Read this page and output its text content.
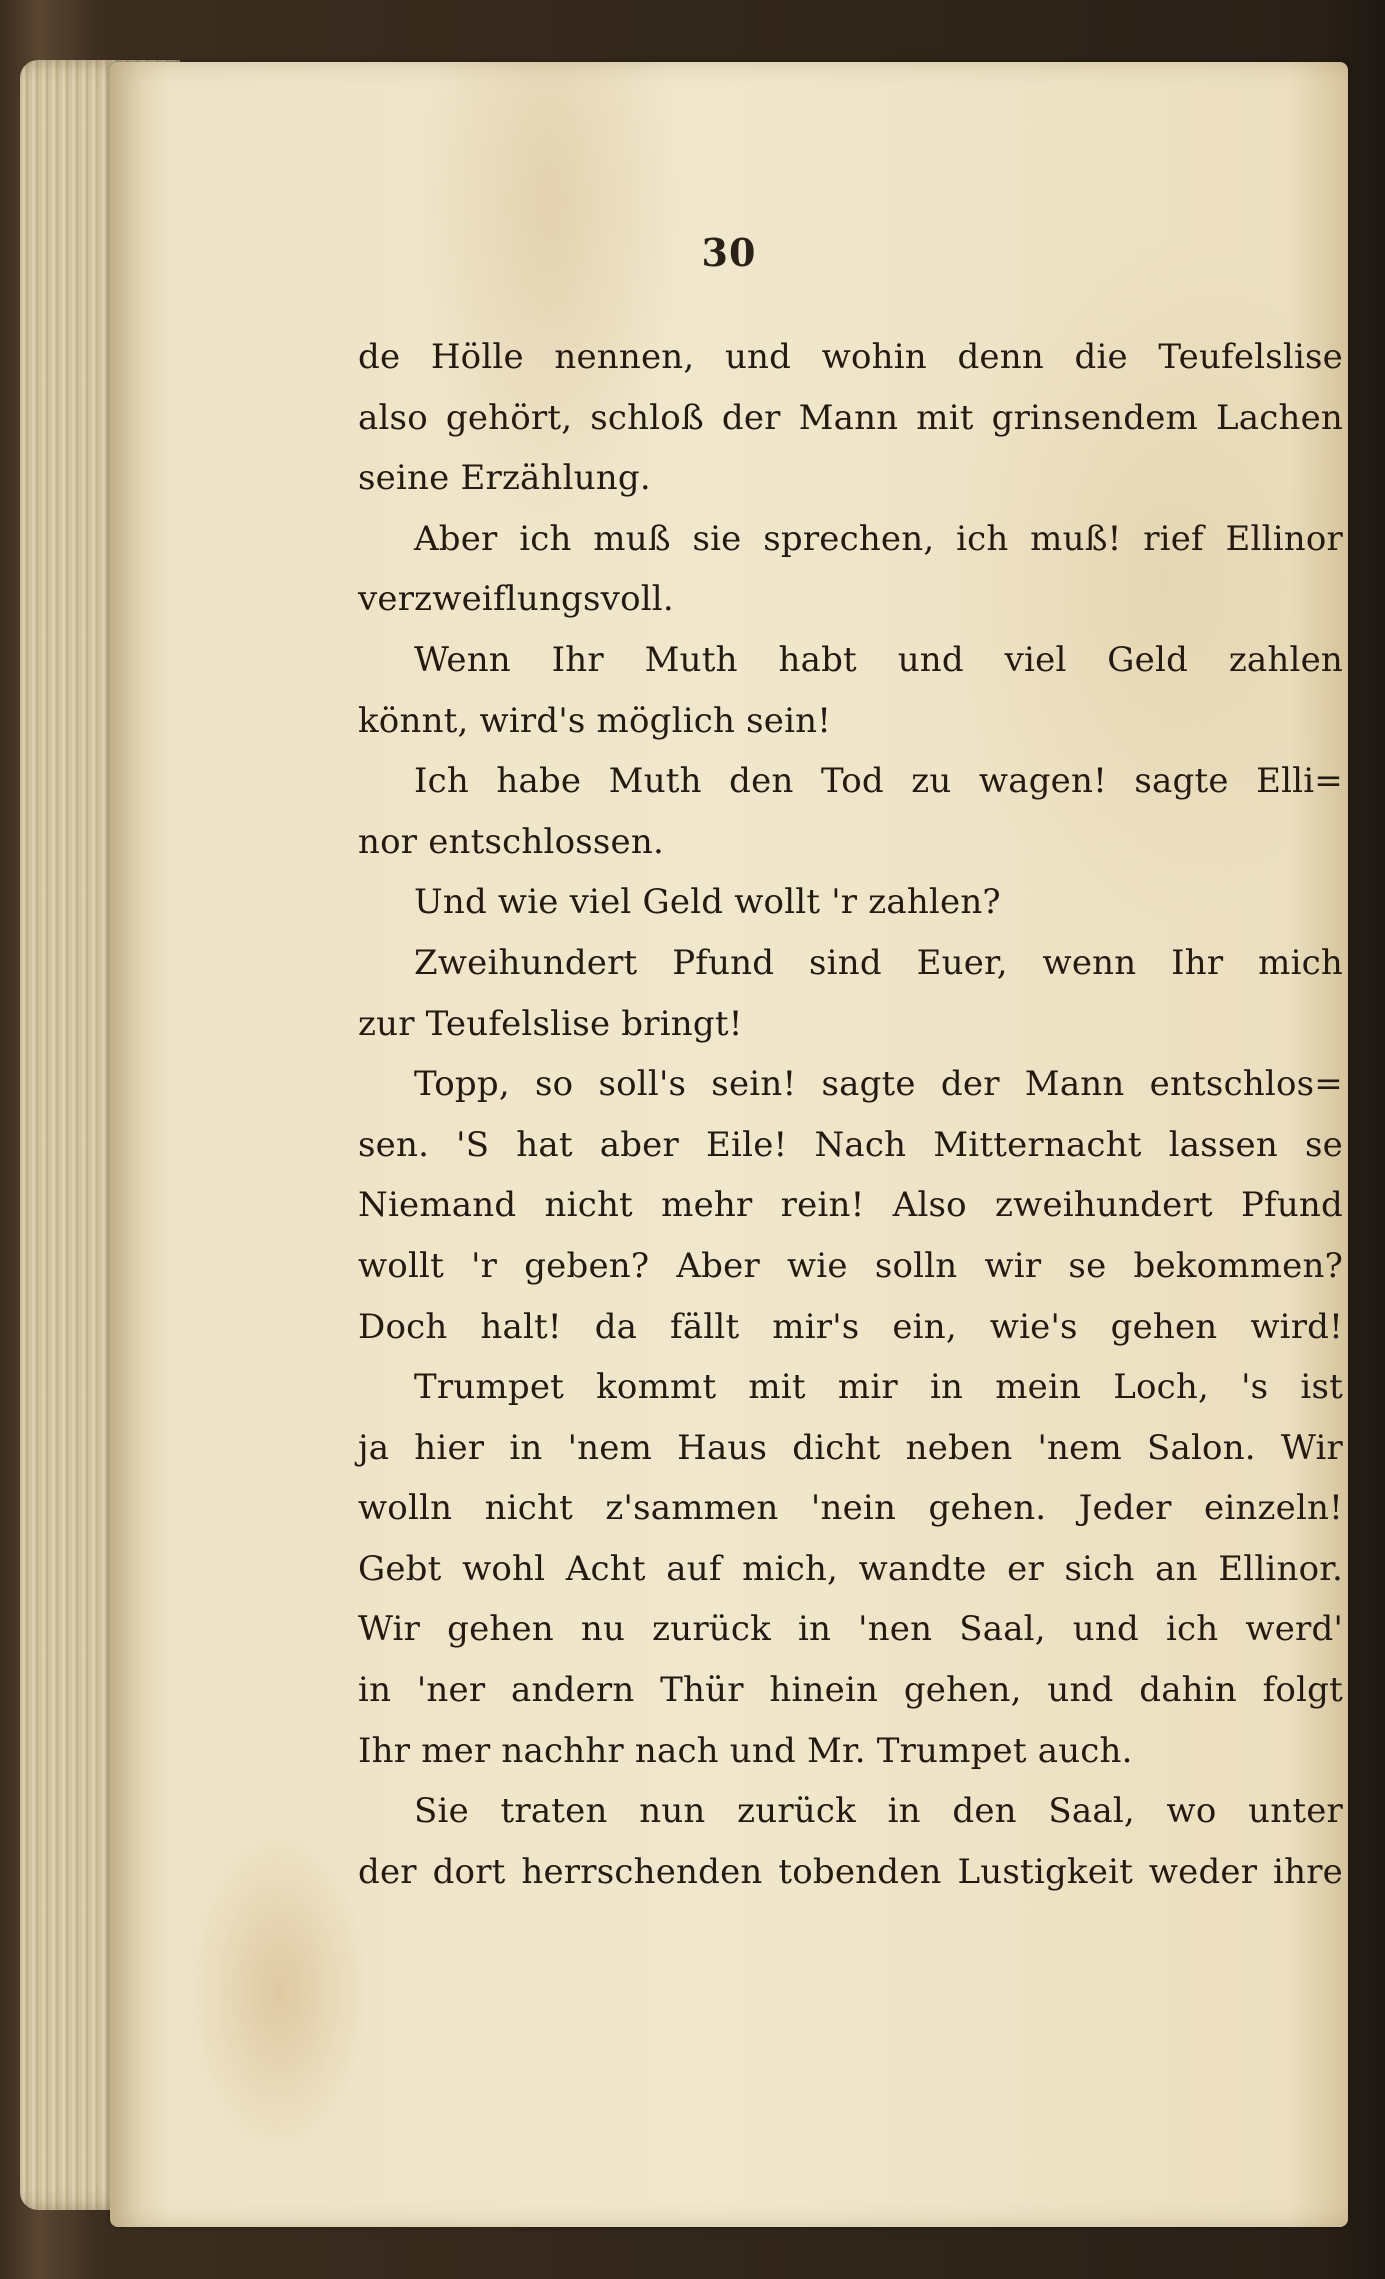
30
de Hölle nennen, und wohin denn die Teufelslise
also gehört, schloß der Mann mit grinsendem Lachen
seine Erzählung.
Aber ich muß sie sprechen, ich muß! rief Ellinor
verzweiflungsvoll.
Wenn Ihr Muth habt und viel Geld zahlen
könnt, wird's möglich sein!
Ich habe Muth den Tod zu wagen! sagte Elli=
nor entschlossen.
Und wie viel Geld wollt 'r zahlen?
Zweihundert Pfund sind Euer, wenn Ihr mich
zur Teufelslise bringt!
Topp, so soll's sein! sagte der Mann entschlos=
sen. 'S hat aber Eile! Nach Mitternacht lassen se
Niemand nicht mehr rein! Also zweihundert Pfund
wollt 'r geben? Aber wie solln wir se bekommen?
Doch halt! da fällt mir's ein, wie's gehen wird!
Trumpet kommt mit mir in mein Loch, 's ist
ja hier in 'nem Haus dicht neben 'nem Salon. Wir
wolln nicht z'sammen 'nein gehen. Jeder einzeln!
Gebt wohl Acht auf mich, wandte er sich an Ellinor.
Wir gehen nu zurück in 'nen Saal, und ich werd'
in 'ner andern Thür hinein gehen, und dahin folgt
Ihr mer nachhr nach und Mr. Trumpet auch.
Sie traten nun zurück in den Saal, wo unter
der dort herrschenden tobenden Lustigkeit weder ihre
